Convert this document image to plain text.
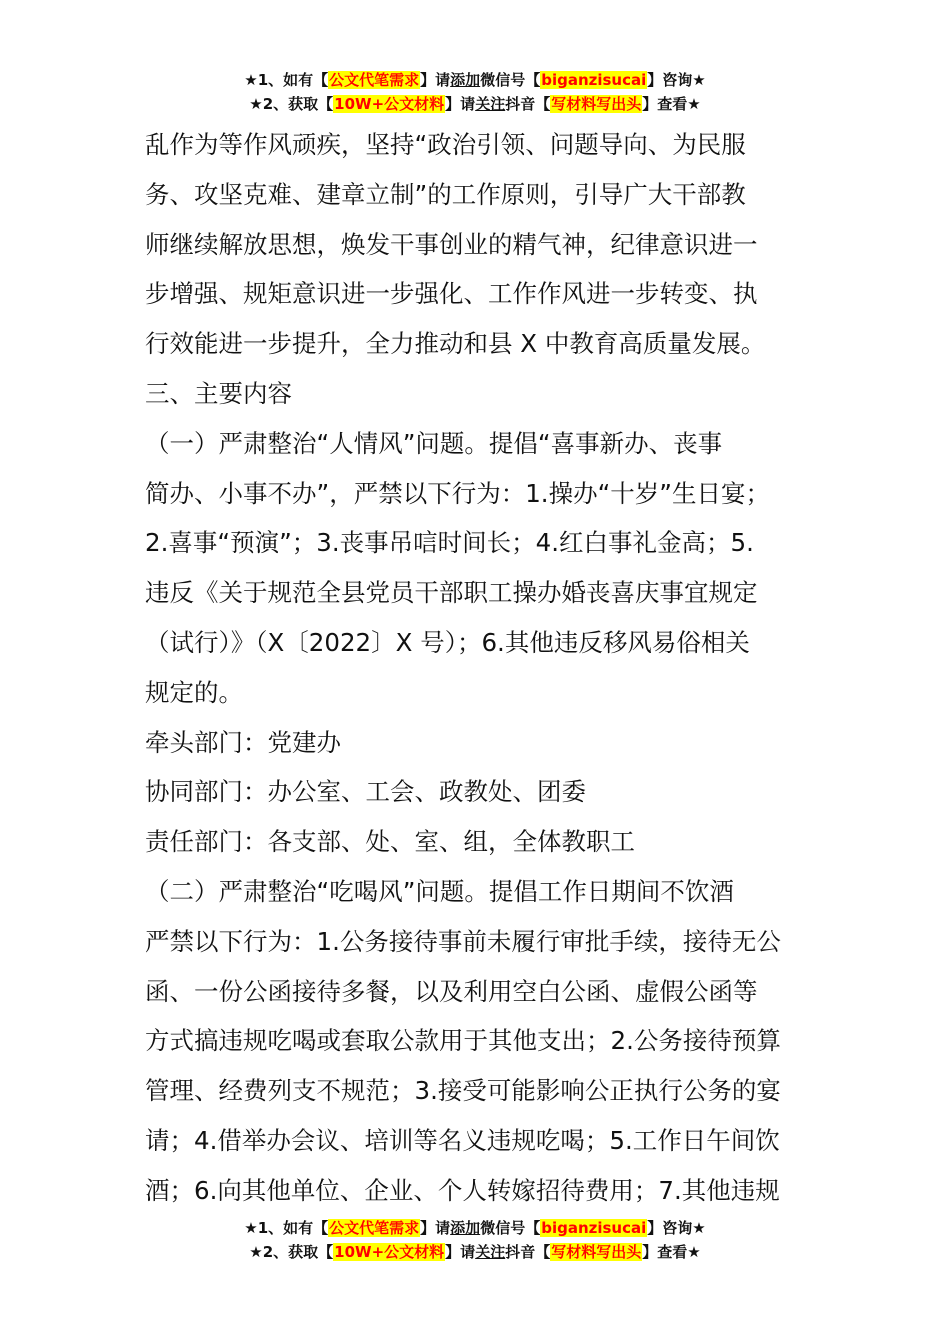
★1、如有【公文代笔需求】请添加微信号【biganzisucai】咨询★
★2、获取【10W+公文材料】请关注抖音【写材料写出头】查看★
乱作为等作风顽疾，坚持“政治引领、问题导向、为民服
务、攻坚克难、建章立制”的工作原则，引导广大干部教
师继续解放思想，焕发干事创业的精气神，纪律意识进一
步增强、规矩意识进一步强化、工作作风进一步转变、执
行效能进一步提升，全力推动和县 X 中教育高质量发展。
三、主要内容
（一）严肃整治“人情风”问题。提倡“喜事新办、丧事
简办、小事不办”，严禁以下行为：1.操办“十岁”生日宴；
2.喜事“预演”；3.丧事吊唁时间长；4.红白事礼金高；5.
违反《关于规范全县党员干部职工操办婚丧喜庆事宜规定
（试行）》（X〔2022〕X 号）；6.其他违反移风易俗相关
规定的。
牵头部门：党建办
协同部门：办公室、工会、政教处、团委
责任部门：各支部、处、室、组，全体教职工
（二）严肃整治“吃喝风”问题。提倡工作日期间不饮酒
严禁以下行为：1.公务接待事前未履行审批手续，接待无公
函、一份公函接待多餐，以及利用空白公函、虚假公函等
方式搞违规吃喝或套取公款用于其他支出；2.公务接待预算
管理、经费列支不规范；3.接受可能影响公正执行公务的宴
请；4.借举办会议、培训等名义违规吃喝；5.工作日午间饮
酒；6.向其他单位、企业、个人转嫁招待费用；7.其他违规
★1、如有【公文代笔需求】请添加微信号【biganzisucai】咨询★
★2、获取【10W+公文材料】请关注抖音【写材料写出头】查看★
